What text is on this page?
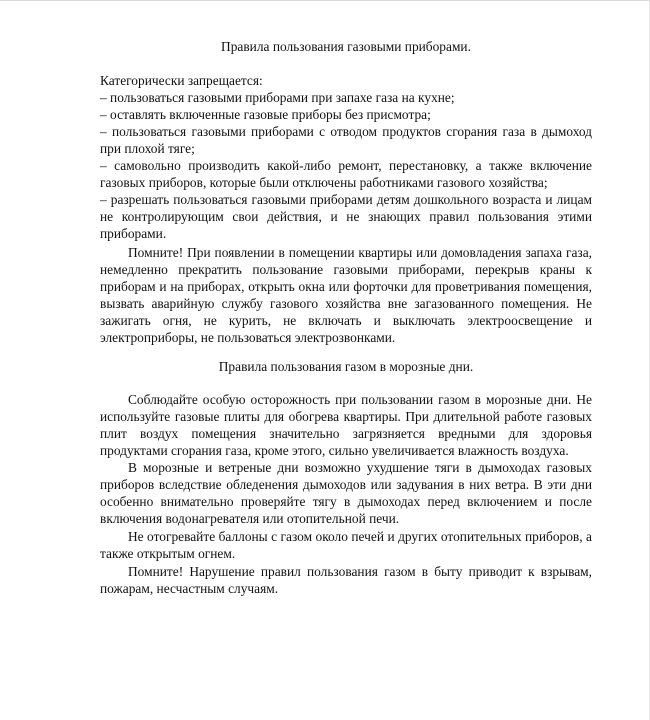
Правила пользования газовыми приборами.

Категорически запрещается:

– пользоваться газовыми приборами при запахе газа на кухне;

– оставлять включенные газовые приборы без присмотра;

– пользоваться газовыми приборами с отводом продуктов сгорания газа в дымоход при плохой тяге;

– самовольно производить какой-либо ремонт, перестановку, а также включение газовых приборов, которые были отключены работниками газового хозяйства;

– разрешать пользоваться газовыми приборами детям дошкольного возраста и лицам не контролирующим свои действия, и не знающих правил пользования этими приборами.

Помните! При появлении в помещении квартиры или домовладения запаха газа, немедленно прекратить пользование газовыми приборами, перекрыв краны к приборам и на приборах, открыть окна или форточки для проветривания помещения, вызвать аварийную службу газового хозяйства вне загазованного помещения. Не зажигать огня, не курить, не включать и выключать электроосвещение и электроприборы, не пользоваться электрозвонками.

Правила пользования газом в морозные дни.

Соблюдайте особую осторожность при пользовании газом в морозные дни. Не используйте газовые плиты для обогрева квартиры. При длительной работе газовых плит воздух помещения значительно загрязняется вредными для здоровья продуктами сгорания газа, кроме этого, сильно увеличивается влажность воздуха.

В морозные и ветреные дни возможно ухудшение тяги в дымоходах газовых приборов вследствие обледенения дымоходов или задувания в них ветра. В эти дни особенно внимательно проверяйте тягу в дымоходах перед включением и после включения водонагревателя или отопительной печи.

Не отогревайте баллоны с газом около печей и других отопительных приборов, а также открытым огнем.

Помните! Нарушение правил пользования газом в быту приводит к взрывам, пожарам, несчастным случаям.
